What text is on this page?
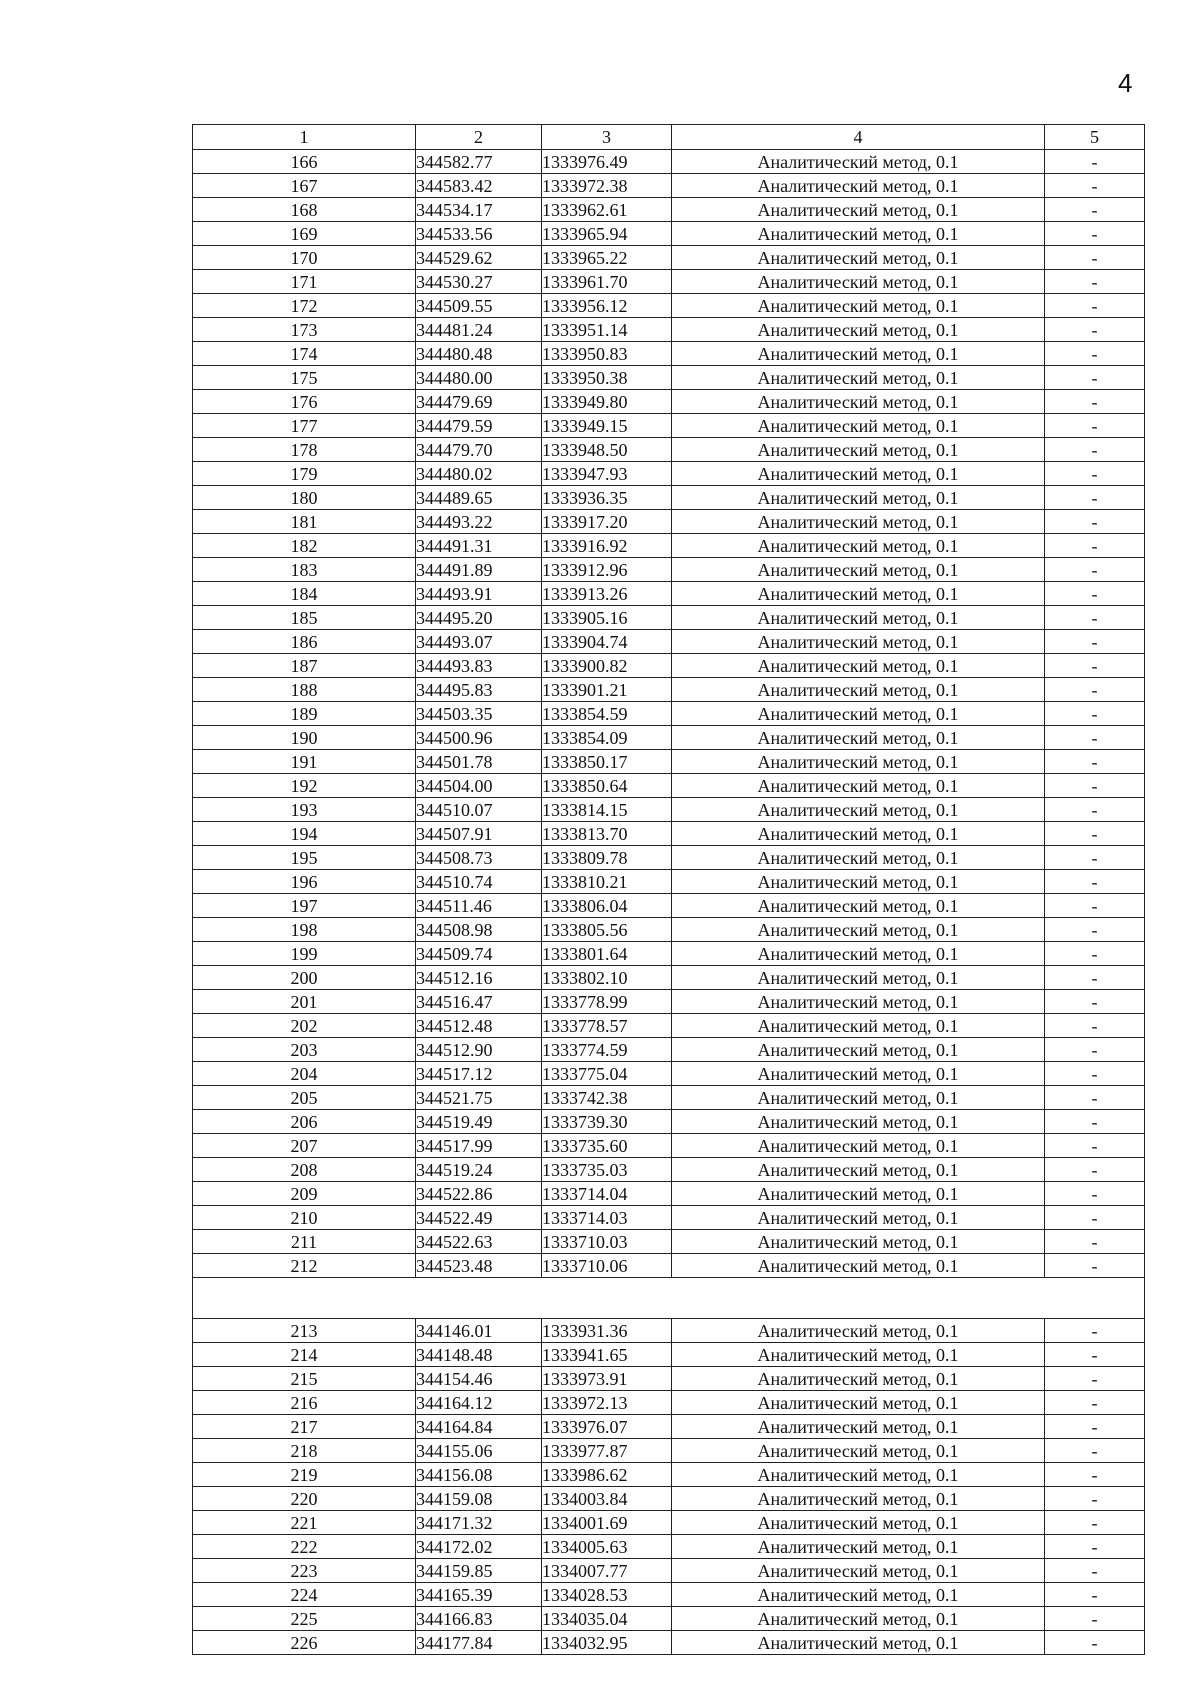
4
1	2	3	4	5
166	344582.77	1333976.49	Аналитический метод, 0.1	-
167	344583.42	1333972.38	Аналитический метод, 0.1	-
168	344534.17	1333962.61	Аналитический метод, 0.1	-
169	344533.56	1333965.94	Аналитический метод, 0.1	-
170	344529.62	1333965.22	Аналитический метод, 0.1	-
171	344530.27	1333961.70	Аналитический метод, 0.1	-
172	344509.55	1333956.12	Аналитический метод, 0.1	-
173	344481.24	1333951.14	Аналитический метод, 0.1	-
174	344480.48	1333950.83	Аналитический метод, 0.1	-
175	344480.00	1333950.38	Аналитический метод, 0.1	-
176	344479.69	1333949.80	Аналитический метод, 0.1	-
177	344479.59	1333949.15	Аналитический метод, 0.1	-
178	344479.70	1333948.50	Аналитический метод, 0.1	-
179	344480.02	1333947.93	Аналитический метод, 0.1	-
180	344489.65	1333936.35	Аналитический метод, 0.1	-
181	344493.22	1333917.20	Аналитический метод, 0.1	-
182	344491.31	1333916.92	Аналитический метод, 0.1	-
183	344491.89	1333912.96	Аналитический метод, 0.1	-
184	344493.91	1333913.26	Аналитический метод, 0.1	-
185	344495.20	1333905.16	Аналитический метод, 0.1	-
186	344493.07	1333904.74	Аналитический метод, 0.1	-
187	344493.83	1333900.82	Аналитический метод, 0.1	-
188	344495.83	1333901.21	Аналитический метод, 0.1	-
189	344503.35	1333854.59	Аналитический метод, 0.1	-
190	344500.96	1333854.09	Аналитический метод, 0.1	-
191	344501.78	1333850.17	Аналитический метод, 0.1	-
192	344504.00	1333850.64	Аналитический метод, 0.1	-
193	344510.07	1333814.15	Аналитический метод, 0.1	-
194	344507.91	1333813.70	Аналитический метод, 0.1	-
195	344508.73	1333809.78	Аналитический метод, 0.1	-
196	344510.74	1333810.21	Аналитический метод, 0.1	-
197	344511.46	1333806.04	Аналитический метод, 0.1	-
198	344508.98	1333805.56	Аналитический метод, 0.1	-
199	344509.74	1333801.64	Аналитический метод, 0.1	-
200	344512.16	1333802.10	Аналитический метод, 0.1	-
201	344516.47	1333778.99	Аналитический метод, 0.1	-
202	344512.48	1333778.57	Аналитический метод, 0.1	-
203	344512.90	1333774.59	Аналитический метод, 0.1	-
204	344517.12	1333775.04	Аналитический метод, 0.1	-
205	344521.75	1333742.38	Аналитический метод, 0.1	-
206	344519.49	1333739.30	Аналитический метод, 0.1	-
207	344517.99	1333735.60	Аналитический метод, 0.1	-
208	344519.24	1333735.03	Аналитический метод, 0.1	-
209	344522.86	1333714.04	Аналитический метод, 0.1	-
210	344522.49	1333714.03	Аналитический метод, 0.1	-
211	344522.63	1333710.03	Аналитический метод, 0.1	-
212	344523.48	1333710.06	Аналитический метод, 0.1	-

213	344146.01	1333931.36	Аналитический метод, 0.1	-
214	344148.48	1333941.65	Аналитический метод, 0.1	-
215	344154.46	1333973.91	Аналитический метод, 0.1	-
216	344164.12	1333972.13	Аналитический метод, 0.1	-
217	344164.84	1333976.07	Аналитический метод, 0.1	-
218	344155.06	1333977.87	Аналитический метод, 0.1	-
219	344156.08	1333986.62	Аналитический метод, 0.1	-
220	344159.08	1334003.84	Аналитический метод, 0.1	-
221	344171.32	1334001.69	Аналитический метод, 0.1	-
222	344172.02	1334005.63	Аналитический метод, 0.1	-
223	344159.85	1334007.77	Аналитический метод, 0.1	-
224	344165.39	1334028.53	Аналитический метод, 0.1	-
225	344166.83	1334035.04	Аналитический метод, 0.1	-
226	344177.84	1334032.95	Аналитический метод, 0.1	-
